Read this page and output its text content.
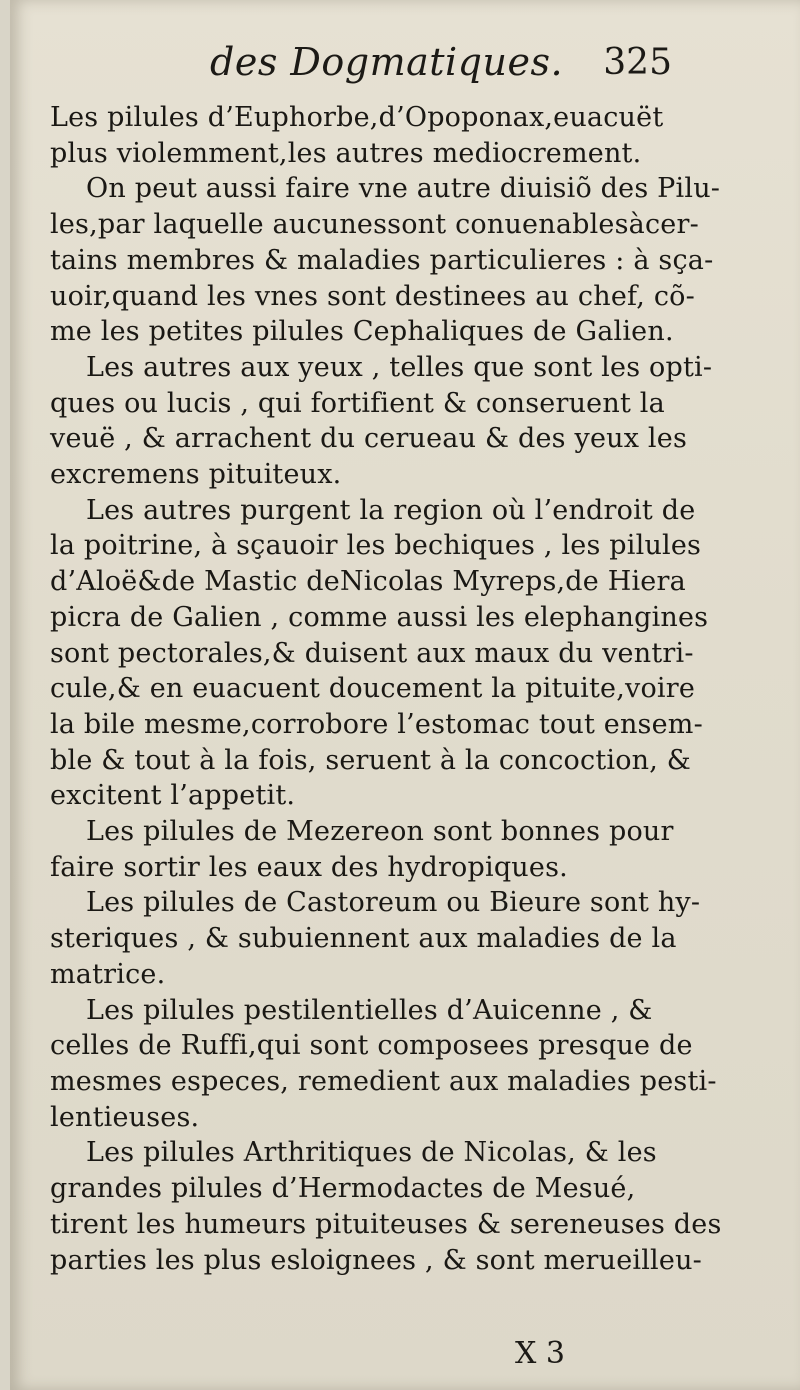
des Dogmatiques. 325
Les pilules d’Euphorbe,d’Opoponax,euacuët
plus violemment,les autres mediocrement.
On peut aussi faire vne autre diuisiõ des Pilu-
les,par laquelle aucunessont conuenablesàcer-
tains membres & maladies particulieres : à sça-
uoir,quand les vnes sont destinees au chef, cõ-
me les petites pilules Cephaliques de Galien.
Les autres aux yeux , telles que sont les opti-
ques ou lucis , qui fortifient & conseruent la
veuë , & arrachent du cerueau & des yeux les
excremens pituiteux.
Les autres purgent la region où l’endroit de
la poitrine, à sçauoir les bechiques , les pilules
d’Aloë&de Mastic deNicolas Myreps,de Hiera
picra de Galien , comme aussi les elephangines
sont pectorales,& duisent aux maux du ventri-
cule,& en euacuent doucement la pituite,voire
la bile mesme,corrobore l’estomac tout ensem-
ble & tout à la fois, seruent à la concoction, &
excitent l’appetit.
Les pilules de Mezereon sont bonnes pour
faire sortir les eaux des hydropiques.
Les pilules de Castoreum ou Bieure sont hy-
steriques , & subuiennent aux maladies de la
matrice.
Les pilules pestilentielles d’Auicenne , &
celles de Ruffi,qui sont composees presque de
mesmes especes, remedient aux maladies pesti-
lentieuses.
Les pilules Arthritiques de Nicolas, & les
grandes pilules d’Hermodactes de Mesué,
tirent les humeurs pituiteuses & sereneuses des
parties les plus esloignees , & sont merueilleu-
X 3
